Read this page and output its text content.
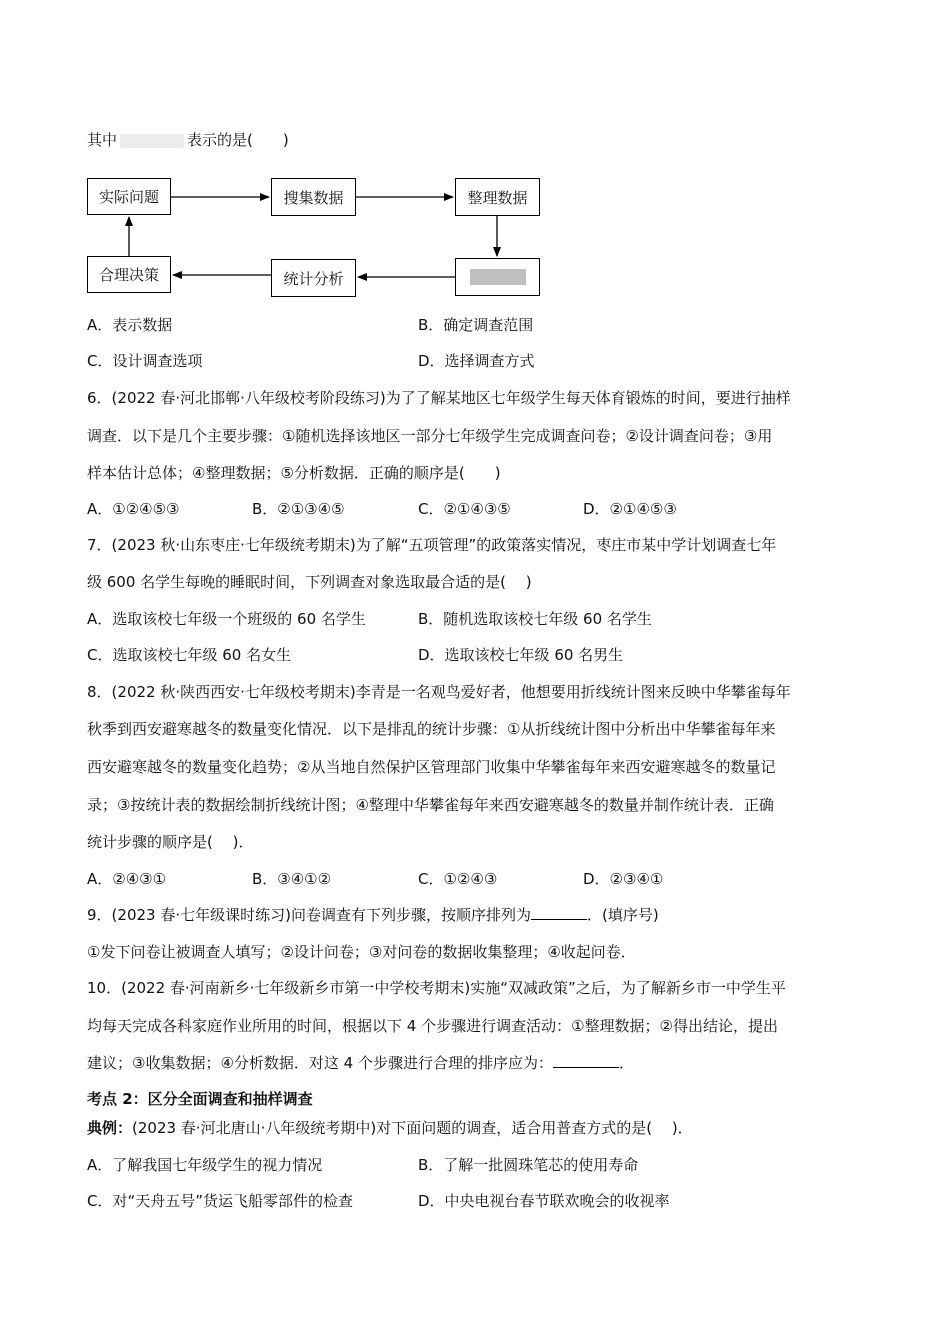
其中	表示的是(　　)
实际问题	搜集数据	整理数据
统计分析
合理决策
A．表示数据	B．确定调查范围
C．设计调查选项	D．选择调查方式
6．(2022 春·河北邯郸·八年级校考阶段练习)为了了解某地区七年级学生每天体育锻炼的时间，要进行抽样
调查．以下是几个主要步骤：①随机选择该地区一部分七年级学生完成调查问卷；②设计调查问卷；③用
样本估计总体；④整理数据；⑤分析数据．正确的顺序是(　　)
A．①②④⑤③	B．②①③④⑤	C．②①④③⑤	D．②①④⑤③
7．(2023 秋·山东枣庄·七年级统考期末)为了解“五项管理”的政策落实情况，枣庄市某中学计划调查七年
级 600 名学生每晚的睡眠时间，下列调查对象选取最合适的是(　 )
A．选取该校七年级一个班级的 60 名学生	B．随机选取该校七年级 60 名学生
C．选取该校七年级 60 名女生	D．选取该校七年级 60 名男生
8．(2022 秋·陕西西安·七年级校考期末)李青是一名观鸟爱好者，他想要用折线统计图来反映中华攀雀每年
秋季到西安避寒越冬的数量变化情况．以下是排乱的统计步骤：①从折线统计图中分析出中华攀雀每年来
西安避寒越冬的数量变化趋势；②从当地自然保护区管理部门收集中华攀雀每年来西安避寒越冬的数量记
录；③按统计表的数据绘制折线统计图；④整理中华攀雀每年来西安避寒越冬的数量并制作统计表．正确
统计步骤的顺序是(　 )．
A．②④③①	B．③④①②	C．①②④③	D．②③④①
9．(2023 春·七年级课时练习)问卷调查有下列步骤，按顺序排列为	．(填序号)
①发下问卷让被调查人填写；②设计问卷；③对问卷的数据收集整理；④收起问卷．
10．(2022 春·河南新乡·七年级新乡市第一中学校考期末)实施“双减政策”之后，为了解新乡市一中学生平
均每天完成各科家庭作业所用的时间，根据以下 4 个步骤进行调查活动：①整理数据；②得出结论，提出
建议；③收集数据；④分析数据．对这 4 个步骤进行合理的排序应为：	．
考点 2：区分全面调查和抽样调查
典例：(2023 春·河北唐山·八年级统考期中)对下面问题的调查，适合用普查方式的是(　 )．
A．了解我国七年级学生的视力情况	B．了解一批圆珠笔芯的使用寿命
C．对“天舟五号”货运飞船零部件的检查	D．中央电视台春节联欢晚会的收视率
